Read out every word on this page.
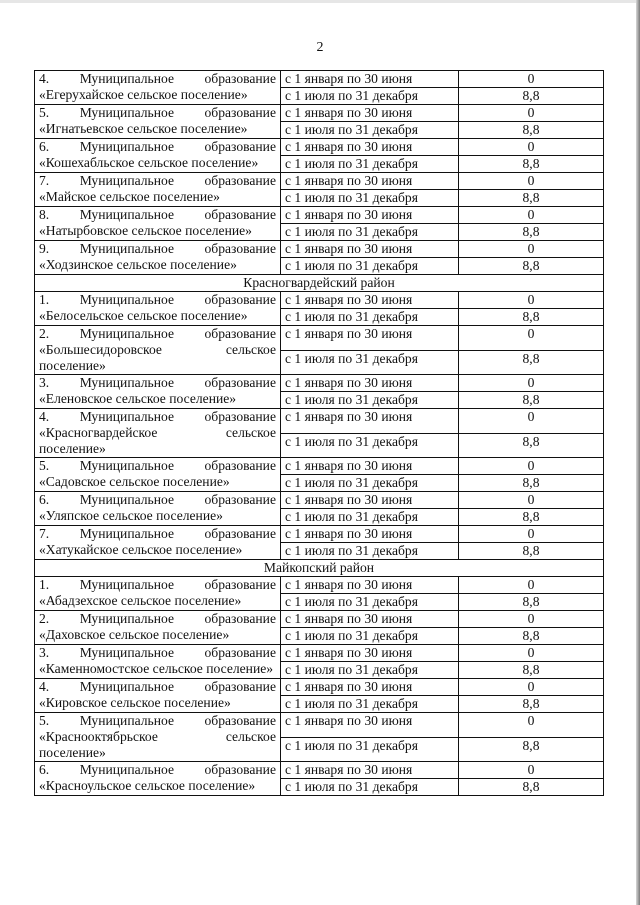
2
4. Муниципальное образование «Егерухайское сельское поселение»	с 1 января по 30 июня	0
	с 1 июля по 31 декабря	8,8
5. Муниципальное образование «Игнатьевское сельское поселение»	с 1 января по 30 июня	0
	с 1 июля по 31 декабря	8,8
6. Муниципальное образование «Кошехабльское сельское поселение»	с 1 января по 30 июня	0
	с 1 июля по 31 декабря	8,8
7. Муниципальное образование «Майское сельское поселение»	с 1 января по 30 июня	0
	с 1 июля по 31 декабря	8,8
8. Муниципальное образование «Натырбовское сельское поселение»	с 1 января по 30 июня	0
	с 1 июля по 31 декабря	8,8
9. Муниципальное образование «Ходзинское сельское поселение»	с 1 января по 30 июня	0
	с 1 июля по 31 декабря	8,8
Красногвардейский район		
1. Муниципальное образование «Белосельское сельское поселение»	с 1 января по 30 июня	0
	с 1 июля по 31 декабря	8,8
2. Муниципальное образование «Большесидоровское сельское поселение»	с 1 января по 30 июня	0
	с 1 июля по 31 декабря	8,8
3. Муниципальное образование «Еленовское сельское поселение»	с 1 января по 30 июня	0
	с 1 июля по 31 декабря	8,8
4. Муниципальное образование «Красногвардейское сельское поселение»	с 1 января по 30 июня	0
	с 1 июля по 31 декабря	8,8
5. Муниципальное образование «Садовское сельское поселение»	с 1 января по 30 июня	0
	с 1 июля по 31 декабря	8,8
6. Муниципальное образование «Уляпское сельское поселение»	с 1 января по 30 июня	0
	с 1 июля по 31 декабря	8,8
7. Муниципальное образование «Хатукайское сельское поселение»	с 1 января по 30 июня	0
	с 1 июля по 31 декабря	8,8
Майкопский район		
1. Муниципальное образование «Абадзехское сельское поселение»	с 1 января по 30 июня	0
	с 1 июля по 31 декабря	8,8
2. Муниципальное образование «Даховское сельское поселение»	с 1 января по 30 июня	0
	с 1 июля по 31 декабря	8,8
3. Муниципальное образование «Каменномостское сельское поселение»	с 1 января по 30 июня	0
	с 1 июля по 31 декабря	8,8
4. Муниципальное образование «Кировское сельское поселение»	с 1 января по 30 июня	0
	с 1 июля по 31 декабря	8,8
5. Муниципальное образование «Краснооктябрьское сельское поселение»	с 1 января по 30 июня	0
	с 1 июля по 31 декабря	8,8
6. Муниципальное образование «Красноульское сельское поселение»	с 1 января по 30 июня	0
	с 1 июля по 31 декабря	8,8
